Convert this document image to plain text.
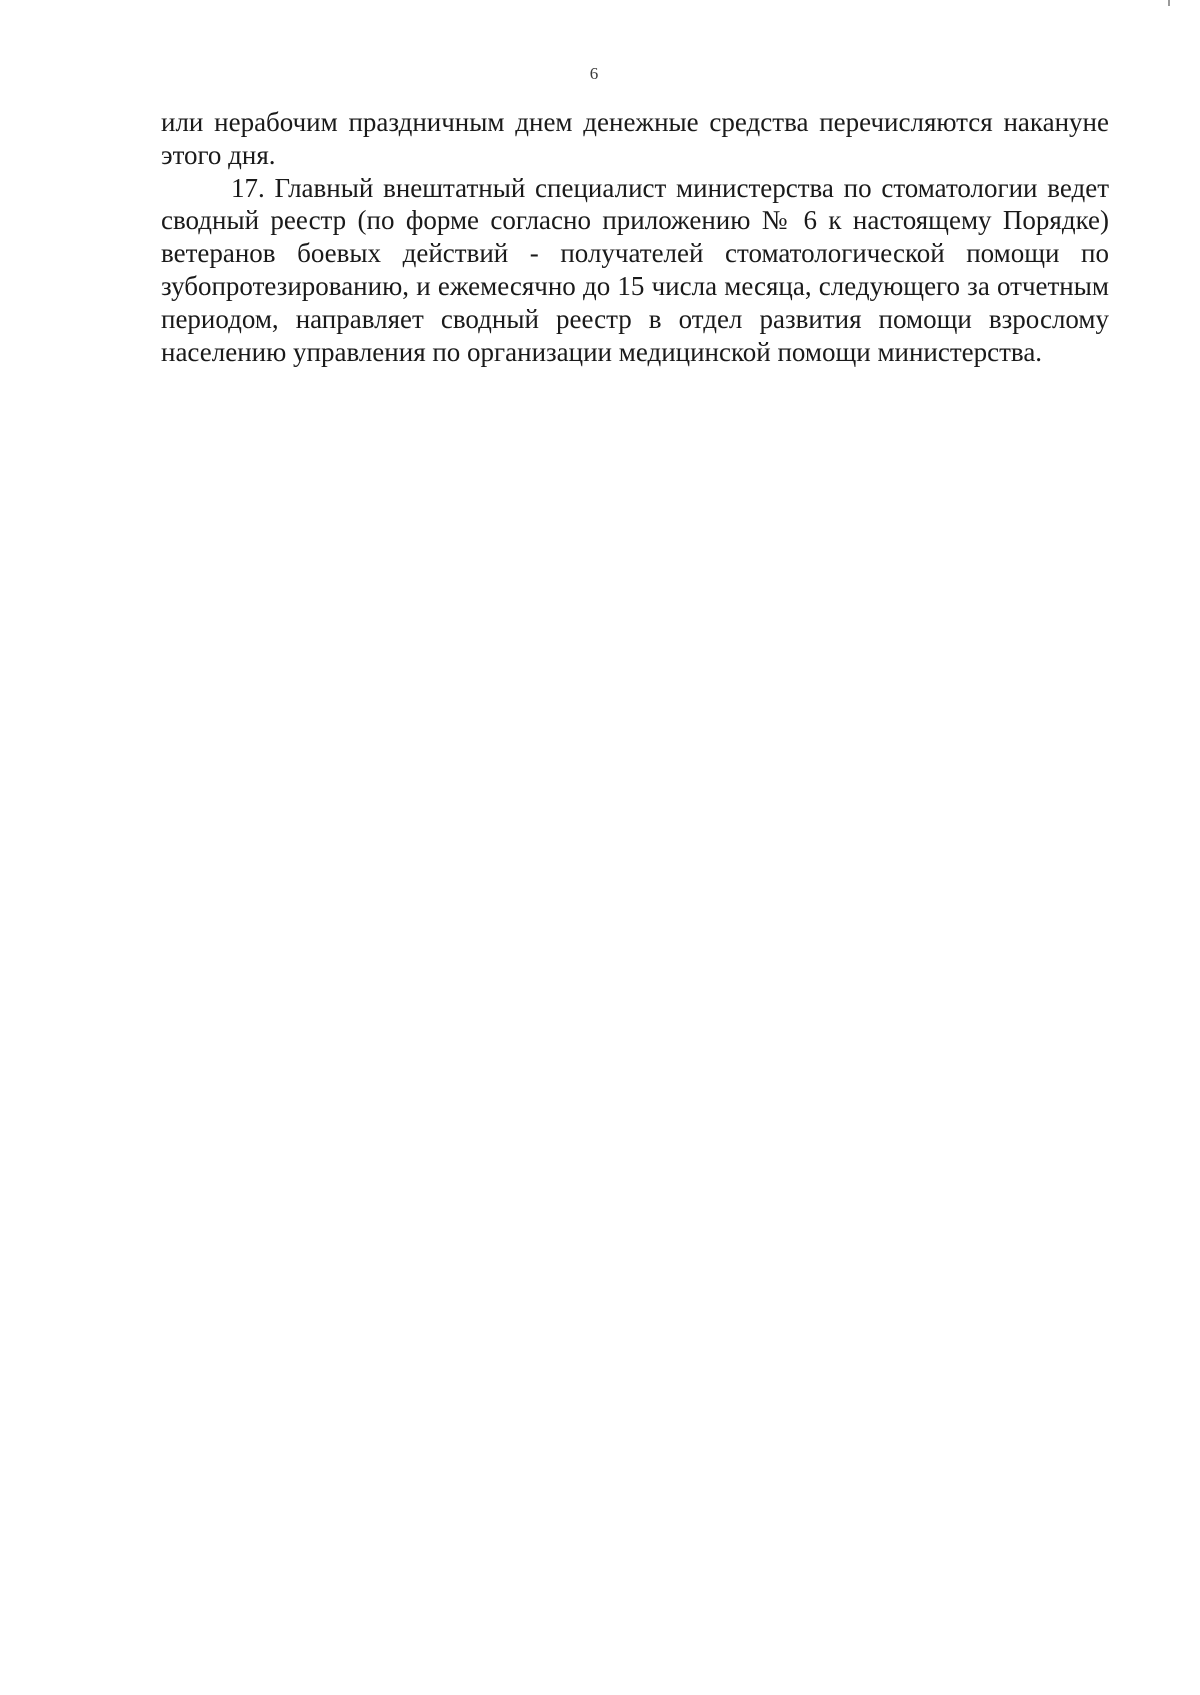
6

или нерабочим праздничным днем денежные средства перечисляются накануне этого дня.

17. Главный внештатный специалист министерства по стоматологии ведет сводный реестр (по форме согласно приложению № 6 к настоящему Порядке) ветеранов боевых действий - получателей стоматологической помощи по зубопротезированию, и ежемесячно до 15 числа месяца, следующего за отчетным периодом, направляет сводный реестр в отдел развития помощи взрослому населению управления по организации медицинской помощи министерства.
